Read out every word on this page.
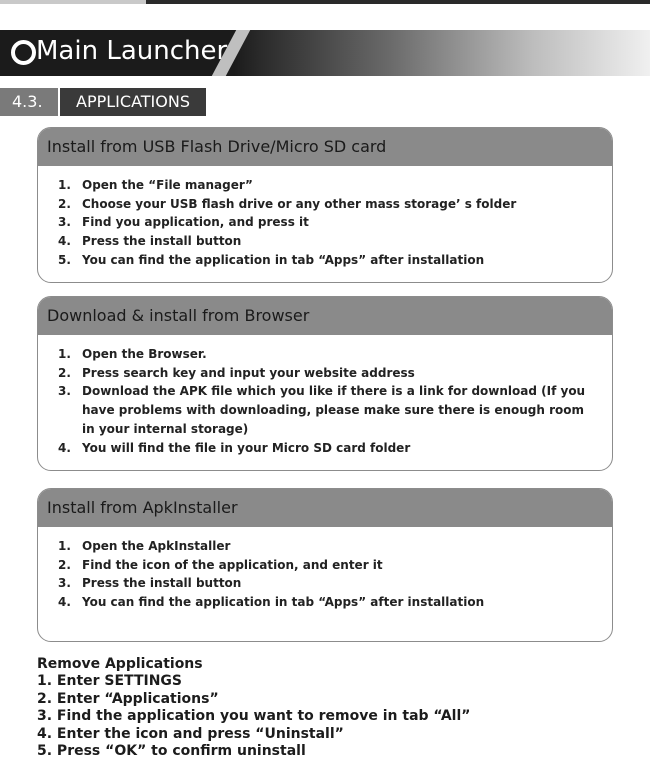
Main Launcher
4.3.	APPLICATIONS
Install from USB Flash Drive/Micro SD card
1. Open the “File manager”
2. Choose your USB flash drive or any other mass storage’ s folder
3. Find you application, and press it
4. Press the install button
5. You can find the application in tab “Apps” after installation
Download & install from Browser
1. Open the Browser.
2. Press search key and input your website address
3. Download the APK file which you like if there is a link for download (If you have problems with downloading, please make sure there is enough room in your internal storage)
4. You will find the file in your Micro SD card folder
Install from ApkInstaller
1. Open the ApkInstaller
2. Find the icon of the application, and enter it
3. Press the install button
4. You can find the application in tab “Apps” after installation
Remove Applications
1. Enter SETTINGS
2. Enter “Applications”
3. Find the application you want to remove in tab “All”
4. Enter the icon and press “Uninstall”
5. Press “OK” to confirm uninstall
